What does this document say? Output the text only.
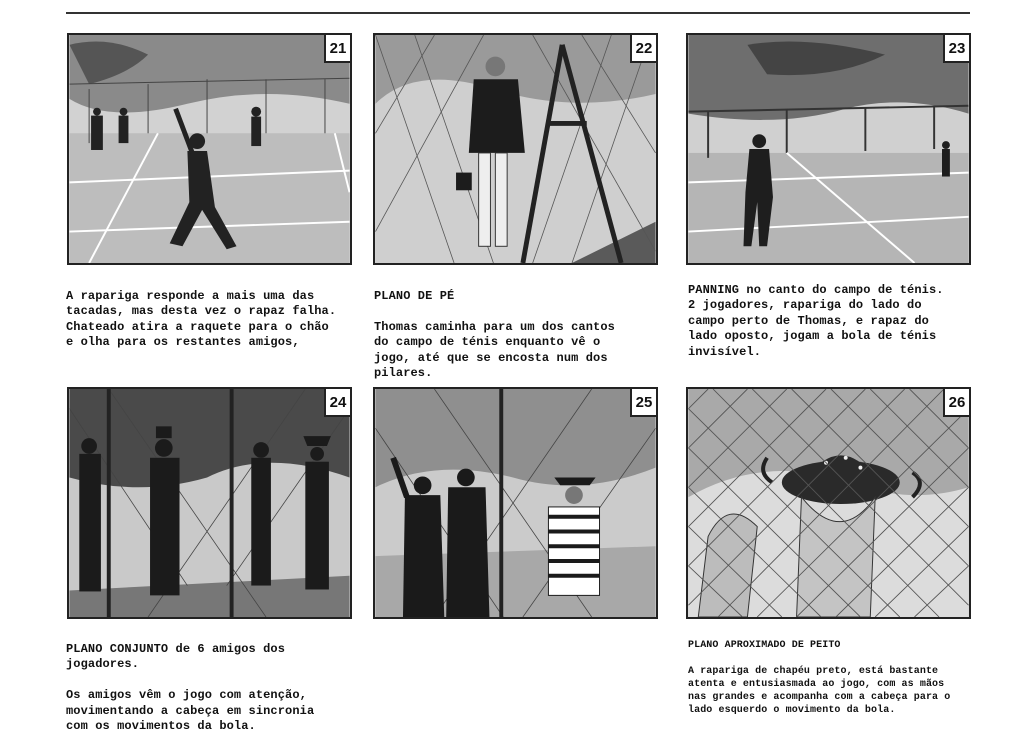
21

A rapariga responde a mais uma das
tacadas, mas desta vez o rapaz falha.
Chateado atira a raquete para o chão
e olha para os restantes amigos,

22

PLANO DE PÉ

Thomas caminha para um dos cantos
do campo de ténis enquanto vê o
jogo, até que se encosta num dos
pilares.

23

PANNING no canto do campo de ténis.
2 jogadores, rapariga do lado do
campo perto de Thomas, e rapaz do
lado oposto, jogam a bola de ténis
invisível.

24

PLANO CONJUNTO de 6 amigos dos
jogadores.

Os amigos vêm o jogo com atenção,
movimentando a cabeça em sincronia
com os movimentos da bola.

25	26

PLANO APROXIMADO DE PEITO

A rapariga de chapéu preto, está bastante
atenta e entusiasmada ao jogo, com as mãos
nas grandes e acompanha com a cabeça para o
lado esquerdo o movimento da bola.
